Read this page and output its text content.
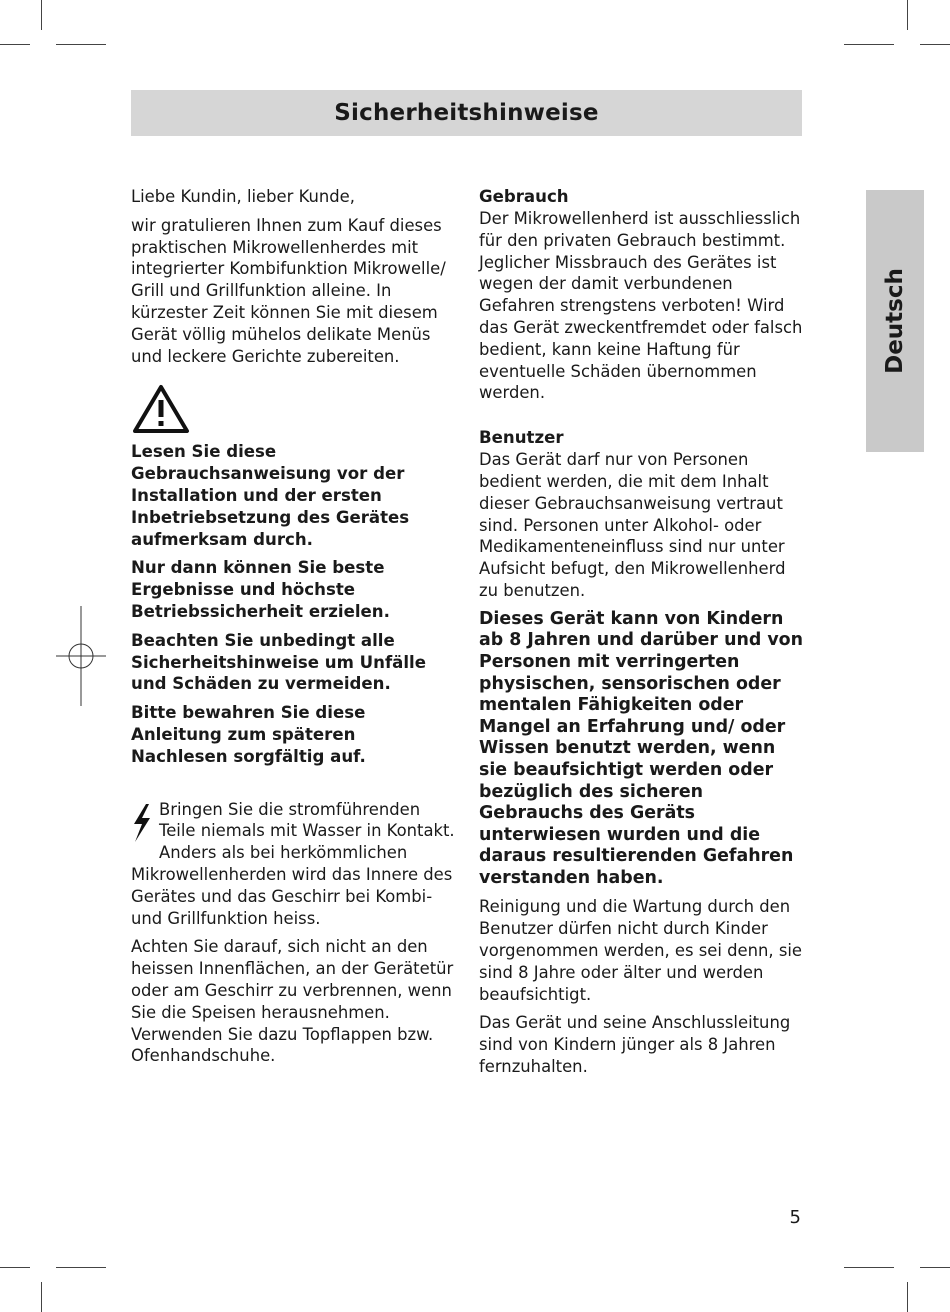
Sicherheitshinweise
Deutsch

Liebe Kundin, lieber Kunde,

wir gratulieren Ihnen zum Kauf dieses praktischen Mikrowellenherdes mit integrierter Kombifunktion Mikrowelle/ Grill und Grillfunktion alleine. In kürzester Zeit können Sie mit diesem Gerät völlig mühelos delikate Menüs und leckere Gerichte zubereiten.

Lesen Sie diese Gebrauchsanweisung vor der Installation und der ersten Inbetriebsetzung des Gerätes aufmerksam durch.

Nur dann können Sie beste Ergebnisse und höchste Betriebssicherheit erzielen.

Beachten Sie unbedingt alle Sicherheitshinweise um Unfälle und Schäden zu vermeiden.

Bitte bewahren Sie diese Anleitung zum späteren Nachlesen sorgfältig auf.

Bringen Sie die stromführenden Teile niemals mit Wasser in Kontakt. Anders als bei herkömmlichen Mikrowellenherden wird das Innere des Gerätes und das Geschirr bei Kombi- und Grillfunktion heiss.

Achten Sie darauf, sich nicht an den heissen Innenflächen, an der Gerätetür oder am Geschirr zu verbrennen, wenn Sie die Speisen herausnehmen. Verwenden Sie dazu Topflappen bzw. Ofenhandschuhe.

Gebrauch

Der Mikrowellenherd ist ausschliesslich für den privaten Gebrauch bestimmt. Jeglicher Missbrauch des Gerätes ist wegen der damit verbundenen Gefahren strengstens verboten! Wird das Gerät zweckentfremdet oder falsch bedient, kann keine Haftung für eventuelle Schäden übernommen werden.

Benutzer

Das Gerät darf nur von Personen bedient werden, die mit dem Inhalt dieser Gebrauchsanweisung vertraut sind. Personen unter Alkohol- oder Medikamenteneinfluss sind nur unter Aufsicht befugt, den Mikrowellenherd zu benutzen.

Dieses Gerät kann von Kindern ab 8 Jahren und darüber und von Personen mit verringerten physischen, sensorischen oder mentalen Fähigkeiten oder Mangel an Erfahrung und/ oder Wissen benutzt werden, wenn sie beaufsichtigt werden oder bezüglich des sicheren Gebrauchs des Geräts unterwiesen wurden und die daraus resultierenden Gefahren verstanden haben.

Reinigung und die Wartung durch den Benutzer dürfen nicht durch Kinder vorgenommen werden, es sei denn, sie sind 8 Jahre oder älter und werden beaufsichtigt.

Das Gerät und seine Anschlussleitung sind von Kindern jünger als 8 Jahren fernzuhalten.

5
